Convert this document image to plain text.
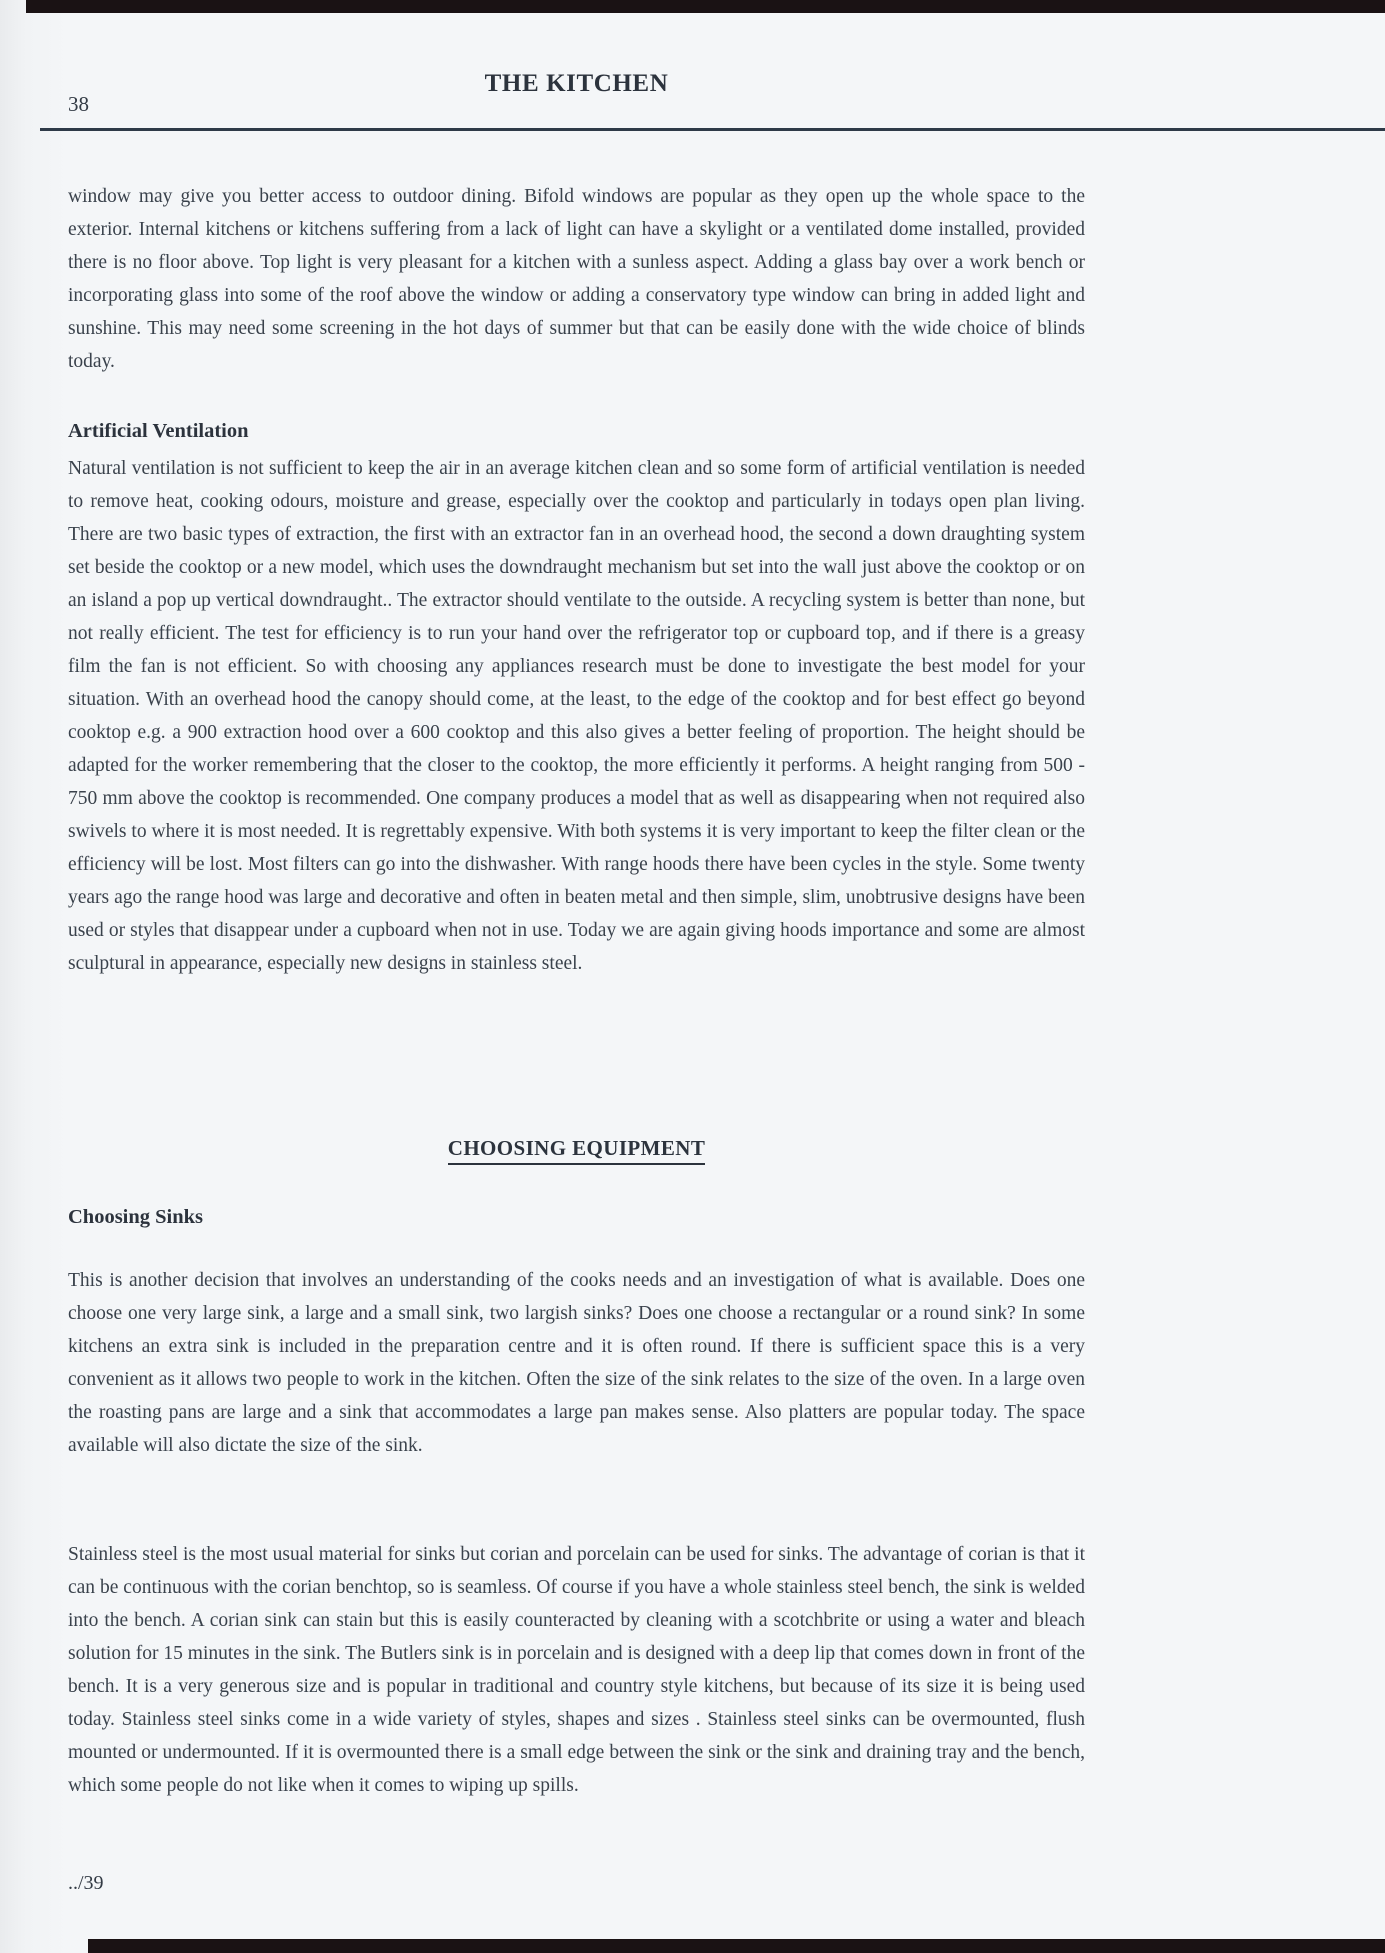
THE KITCHEN
38
window may give you better access to outdoor dining. Bifold windows are popular as they open up the whole space to the exterior. Internal kitchens or kitchens suffering from a lack of light can have a skylight or a ventilated dome installed, provided there is no floor above. Top light is very pleasant for a kitchen with a sunless aspect. Adding a glass bay over a work bench or incorporating glass into some of the roof above the window or adding a conservatory type window can bring in added light and sunshine. This may need some screening in the hot days of summer but that can be easily done with the wide choice of blinds today.
Artificial Ventilation
Natural ventilation is not sufficient to keep the air in an average kitchen clean and so some form of artificial ventilation is needed to remove heat, cooking odours, moisture and grease, especially over the cooktop and particularly in todays open plan living. There are two basic types of extraction, the first with an extractor fan in an overhead hood, the second a down draughting system set beside the cooktop or a new model, which uses the downdraught mechanism but set into the wall just above the cooktop or on an island a pop up vertical downdraught.. The extractor should ventilate to the outside. A recycling system is better than none, but not really efficient. The test for efficiency is to run your hand over the refrigerator top or cupboard top, and if there is a greasy film the fan is not efficient. So with choosing any appliances research must be done to investigate the best model for your situation. With an overhead hood the canopy should come, at the least, to the edge of the cooktop and for best effect go beyond cooktop e.g. a 900 extraction hood over a 600 cooktop and this also gives a better feeling of proportion. The height should be adapted for the worker remembering that the closer to the cooktop, the more efficiently it performs. A height ranging from 500 - 750 mm above the cooktop is recommended. One company produces a model that as well as disappearing when not required also swivels to where it is most needed. It is regrettably expensive. With both systems it is very important to keep the filter clean or the efficiency will be lost. Most filters can go into the dishwasher. With range hoods there have been cycles in the style. Some twenty years ago the range hood was large and decorative and often in beaten metal and then simple, slim, unobtrusive designs have been used or styles that disappear under a cupboard when not in use. Today we are again giving hoods importance and some are almost sculptural in appearance, especially new designs in stainless steel.
CHOOSING EQUIPMENT
Choosing Sinks
This is another decision that involves an understanding of the cooks needs and an investigation of what is available. Does one choose one very large sink, a large and a small sink, two largish sinks? Does one choose a rectangular or a round sink? In some kitchens an extra sink is included in the preparation centre and it is often round. If there is sufficient space this is a very convenient as it allows two people to work in the kitchen. Often the size of the sink relates to the size of the oven. In a large oven the roasting pans are large and a sink that accommodates a large pan makes sense. Also platters are popular today. The space available will also dictate the size of the sink.
Stainless steel is the most usual material for sinks but corian and porcelain can be used for sinks. The advantage of corian is that it can be continuous with the corian benchtop, so is seamless. Of course if you have a whole stainless steel bench, the sink is welded into the bench. A corian sink can stain but this is easily counteracted by cleaning with a scotchbrite or using a water and bleach solution for 15 minutes in the sink. The Butlers sink is in porcelain and is designed with a deep lip that comes down in front of the bench. It is a very generous size and is popular in traditional and country style kitchens, but because of its size it is being used today. Stainless steel sinks come in a wide variety of styles, shapes and sizes . Stainless steel sinks can be overmounted, flush mounted or undermounted. If it is overmounted there is a small edge between the sink or the sink and draining tray and the bench, which some people do not like when it comes to wiping up spills.
../39
